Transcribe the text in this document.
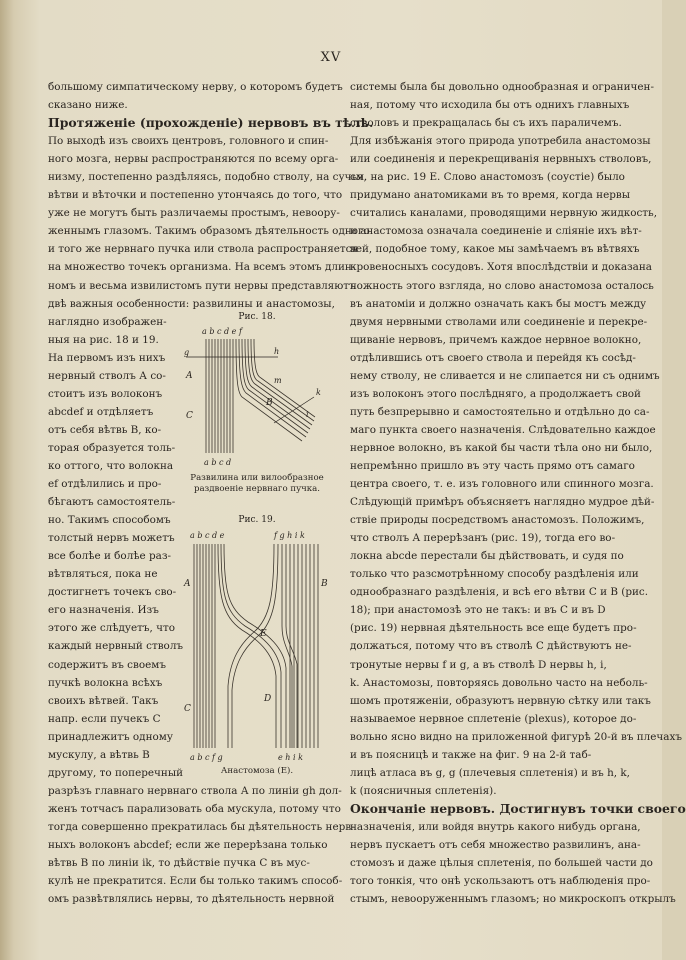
XV
большому симпатическому нерву, о которомъ будетъ
сказано ниже.
Протяженіе (прохожденіе) нервовъ въ тѣлѣ.
По выходѣ изъ своихъ центровъ, головного и спин-
ного мозга, нервы распространяются по всему орга-
низму, постепенно раздѣляясь, подобно стволу, на сучья,
вѣтви и вѣточки и постепенно утончаясь до того, что
уже не могутъ быть различаемы простымъ, невоору-
женнымъ глазомъ. Такимъ образомъ дѣятельность одного
и того же нервнаго пучка или ствола распространяется
на множество точекъ организма. На всемъ этомъ длин-
номъ и весьма извилистомъ пути нервы представляютъ
двѣ важныя особенности: развилины и анастомозы,
наглядно изображен-
ныя на рис. 18 и 19.
На первомъ изъ нихъ
нервный стволъ А со-
стоитъ изъ волоконъ
abcdef и отдѣляетъ
отъ себя вѣтвь В, ко-
торая образуется толь-
ко оттого, что волокна
ef отдѣлились и про-
бѣгаютъ самостоятель-
но. Такимъ способомъ
толстый нервъ можетъ
все болѣе и болѣе раз-
вѣтвляться, пока не
достигнетъ точекъ сво-
его назначенія. Изъ
этого же слѣдуетъ, что
каждый нервный стволъ
содержитъ въ своемъ
пучкѣ волокна всѣхъ
своихъ вѣтвей. Такъ
напр. если пучекъ С
принадлежитъ одному
мускулу, а вѣтвь В
другому, то поперечный
разрѣзъ главнаго нервнаго ствола А по линіи gh дол-
женъ тотчасъ парализовать оба мускула, потому что
тогда совершенно прекратилась бы дѣятельность нерв-
ныхъ волоконъ abcdef; если же перерѣзана только
вѣтвь В по линіи ik, то дѣйствіе пучка С въ мус-
кулѣ не прекратится. Если бы только такимъ способ-
омъ развѣтвлялись нервы, то дѣятельность нервной
Рис. 18.
a b c d e f
g	h
A
C
B
m
i
k
a b c d
Развилина или вилообразное раздвоеніе нервнаго пучка.
Рис. 19.
a b c d e	f g h i k
A	B
E
C
D
a b c f g	e h i k
Анастомоза (E).
системы была бы довольно однообразная и ограничен-
ная, потому что исходила бы отъ однихъ главныхъ
стволовъ и прекращалась бы съ ихъ параличемъ.
Для избѣжанія этого природа употребила анастомозы
или соединенія и перекрещиванія нервныхъ стволовъ,
см. на рис. 19 Е. Слово анастомозъ (соустіе) было
придумано анатомиками въ то время, когда нервы
считались каналами, проводящими нервную жидкость,
и анастомоза означала соединеніе и сліяніе ихъ вѣт-
вей, подобное тому, какое мы замѣчаемъ въ вѣтвяхъ
кровеносныхъ сосудовъ. Хотя впослѣдствіи и доказана
ложность этого взгляда, но слово анастомоза осталось
въ анатоміи и должно означать какъ бы мостъ между
двумя нервными стволами или соединеніе и перекре-
щиваніе нервовъ, причемъ каждое нервное волокно,
отдѣлившись отъ своего ствола и перейдя къ сосѣд-
нему стволу, не сливается и не слипается ни съ однимъ
изъ волоконъ этого послѣдняго, а продолжаетъ свой
путь безпрерывно и самостоятельно и отдѣльно до са-
маго пункта своего назначенія. Слѣдовательно каждое
нервное волокно, въ какой бы части тѣла оно ни было,
непремѣнно пришло въ эту часть прямо отъ самаго
центра своего, т. е. изъ головного или спинного мозга.
Слѣдующій примѣръ объясняетъ наглядно мудрое дѣй-
ствіе природы посредствомъ анастомозъ. Положимъ,
что стволъ А перерѣзанъ (рис. 19), тогда его во-
локна abcde перестали бы дѣйствовать, и судя по
только что разсмотрѣнному способу раздѣленія или
однообразнаго раздѣленія, и всѣ его вѣтви С и В (рис.
18); при анастомозѣ это не такъ: и въ С и въ D
(рис. 19) нервная дѣятельность все еще будетъ про-
должаться, потому что въ стволѣ С дѣйствуютъ не-
тронутые нервы f и g, а въ стволѣ D нервы h, i,
k. Анастомозы, повторяясь довольно часто на неболь-
шомъ протяженіи, образуютъ нервную сѣтку или такъ
называемое нервное сплетеніе (plexus), которое до-
вольно ясно видно на приложенной фигурѣ 20-й въ плечахъ
и въ поясницѣ и также на фиг. 9 на 2-й таб-
лицѣ атласа въ g, g (плечевыя сплетенія) и въ h, k,
k (поясничныя сплетенія).
Окончаніе нервовъ. Достигнувъ точки своего
назначенія, или войдя внутрь какого нибудь органа,
нервъ пускаетъ отъ себя множество развилинъ, ана-
стомозъ и даже цѣлыя сплетенія, по большей части до
того тонкія, что онѣ ускользаютъ отъ наблюденія про-
стымъ, невооруженнымъ глазомъ; но микроскопъ открылъ
